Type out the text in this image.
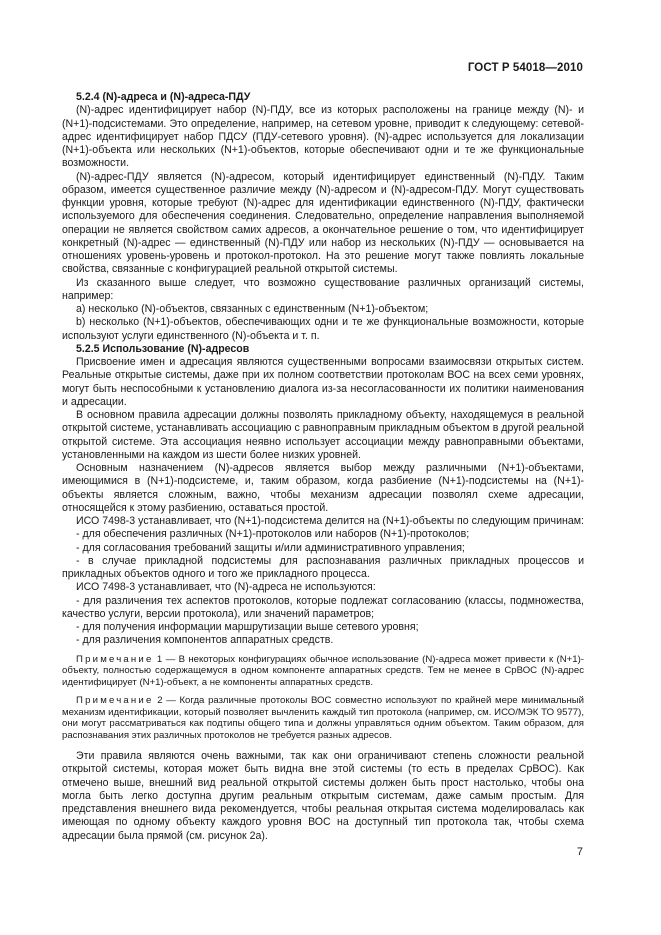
ГОСТ Р 54018—2010

5.2.4 (N)-адреса и (N)-адреса-ПДУ

(N)-адрес идентифицирует набор (N)-ПДУ, все из которых расположены на границе между (N)- и (N+1)-подсистемами. Это определение, например, на сетевом уровне, приводит к следующему: сетевой-адрес идентифицирует набор ПДСУ (ПДУ-сетевого уровня). (N)-адрес используется для локализации (N+1)-объекта или нескольких (N+1)-объектов, которые обеспечивают одни и те же функциональные возможности.

(N)-адрес-ПДУ является (N)-адресом, который идентифицирует единственный (N)-ПДУ. Таким образом, имеется существенное различие между (N)-адресом и (N)-адресом-ПДУ. Могут существовать функции уровня, которые требуют (N)-адрес для идентификации единственного (N)-ПДУ, фактически используемого для обеспечения соединения. Следовательно, определение направления выполняемой операции не является свойством самих адресов, а окончательное решение о том, что идентифицирует конкретный (N)-адрес — единственный (N)-ПДУ или набор из нескольких (N)-ПДУ — основывается на отношениях уровень-уровень и протокол-протокол. На это решение могут также повлиять локальные свойства, связанные с конфигурацией реальной открытой системы.

Из сказанного выше следует, что возможно существование различных организаций системы, например:

а) несколько (N)-объектов, связанных с единственным (N+1)-объектом;

b) несколько (N+1)-объектов, обеспечивающих одни и те же функциональные возможности, которые используют услуги единственного (N)-объекта и т. п.

5.2.5 Использование (N)-адресов

Присвоение имен и адресация являются существенными вопросами взаимосвязи открытых систем. Реальные открытые системы, даже при их полном соответствии протоколам ВОС на всех семи уровнях, могут быть неспособными к установлению диалога из-за несогласованности их политики наименования и адресации.

В основном правила адресации должны позволять прикладному объекту, находящемуся в реальной открытой системе, устанавливать ассоциацию с равноправным прикладным объектом в другой реальной открытой системе. Эта ассоциация неявно использует ассоциации между равноправными объектами, установленными на каждом из шести более низких уровней.

Основным назначением (N)-адресов является выбор между различными (N+1)-объектами, имеющимися в (N+1)-подсистеме, и, таким образом, когда разбиение (N+1)-подсистемы на (N+1)-объекты является сложным, важно, чтобы механизм адресации позволял схеме адресации, относящейся к этому разбиению, оставаться простой.

ИСО 7498-3 устанавливает, что (N+1)-подсистема делится на (N+1)-объекты по следующим причинам:

- для обеспечения различных (N+1)-протоколов или наборов (N+1)-протоколов;

- для согласования требований защиты и/или административного управления;

- в случае прикладной подсистемы для распознавания различных прикладных процессов и прикладных объектов одного и того же прикладного процесса.

ИСО 7498-3 устанавливает, что (N)-адреса не используются:

- для различения тех аспектов протоколов, которые подлежат согласованию (классы, подмножества, качество услуги, версии протокола), или значений параметров;

- для получения информации маршрутизации выше сетевого уровня;

- для различения компонентов аппаратных средств.

Примечание 1 — В некоторых конфигурациях обычное использование (N)-адреса может привести к (N+1)-объекту, полностью содержащемуся в одном компоненте аппаратных средств. Тем не менее в СрВОС (N)-адрес идентифицирует (N+1)-объект, а не компоненты аппаратных средств.

Примечание 2 — Когда различные протоколы ВОС совместно используют по крайней мере минимальный механизм идентификации, который позволяет вычленить каждый тип протокола (например, см. ИСО/МЭК ТО 9577), они могут рассматриваться как подтипы общего типа и должны управляться одним объектом. Таким образом, для распознавания этих различных протоколов не требуется разных адресов.

Эти правила являются очень важными, так как они ограничивают степень сложности реальной открытой системы, которая может быть видна вне этой системы (то есть в пределах СрВОС). Как отмечено выше, внешний вид реальной открытой системы должен быть прост настолько, чтобы она могла быть легко доступна другим реальным открытым системам, даже самым простым. Для представления внешнего вида рекомендуется, чтобы реальная открытая система моделировалась как имеющая по одному объекту каждого уровня ВОС на доступный тип протокола так, чтобы схема адресации была прямой (см. рисунок 2а).

7
